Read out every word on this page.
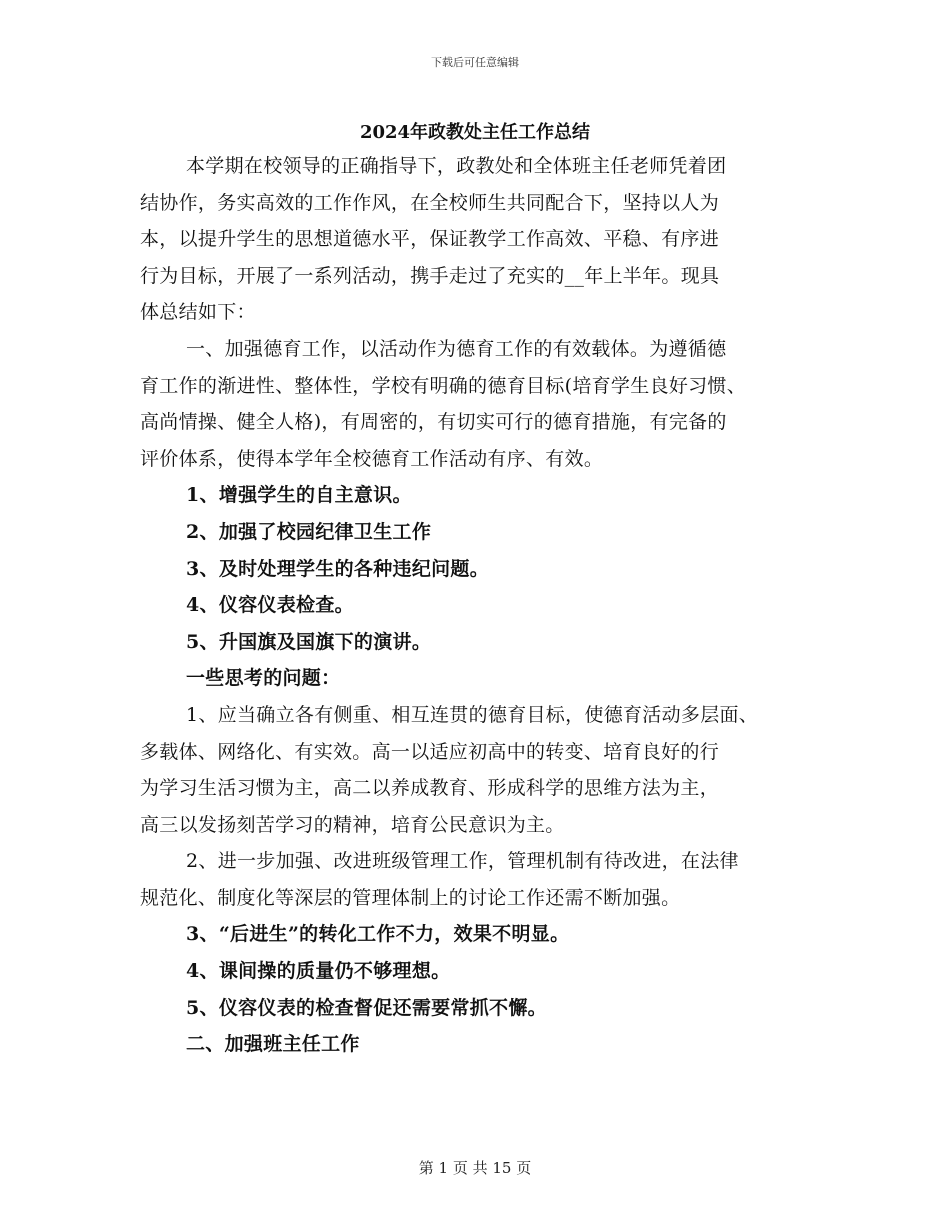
下载后可任意编辑
2024年政教处主任工作总结
本学期在校领导的正确指导下，政教处和全体班主任老师凭着团
结协作，务实高效的工作作风，在全校师生共同配合下，坚持以人为
本，以提升学生的思想道德水平，保证教学工作高效、平稳、有序进
行为目标，开展了一系列活动，携手走过了充实的__年上半年。现具
体总结如下：
一、加强德育工作，以活动作为德育工作的有效载体。为遵循德
育工作的渐进性、整体性，学校有明确的德育目标(培育学生良好习惯、
高尚情操、健全人格)，有周密的，有切实可行的德育措施，有完备的
评价体系，使得本学年全校德育工作活动有序、有效。
1、增强学生的自主意识。
2、加强了校园纪律卫生工作
3、及时处理学生的各种违纪问题。
4、仪容仪表检查。
5、升国旗及国旗下的演讲。
一些思考的问题：
1、应当确立各有侧重、相互连贯的德育目标，使德育活动多层面、
多载体、网络化、有实效。高一以适应初高中的转变、培育良好的行
为学习生活习惯为主，高二以养成教育、形成科学的思维方法为主，
高三以发扬刻苦学习的精神，培育公民意识为主。
2、进一步加强、改进班级管理工作，管理机制有待改进，在法律
规范化、制度化等深层的管理体制上的讨论工作还需不断加强。
3、“后进生”的转化工作不力，效果不明显。
4、课间操的质量仍不够理想。
5、仪容仪表的检查督促还需要常抓不懈。
二、加强班主任工作
第 1 页 共 15 页
